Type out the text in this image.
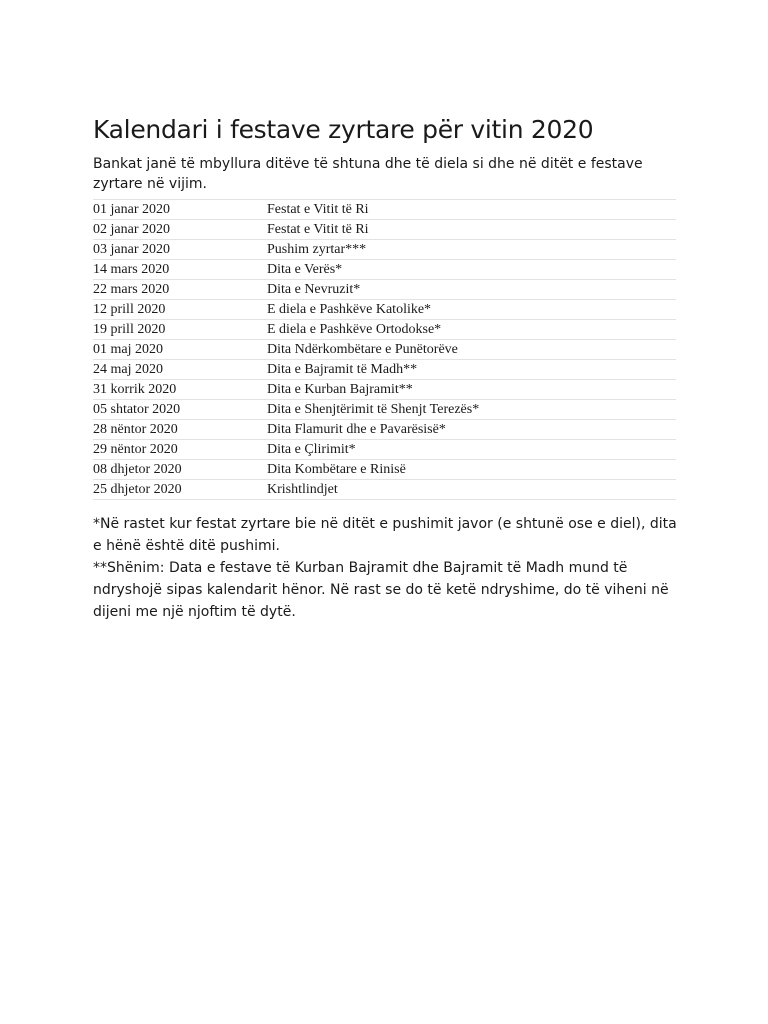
Kalendari i festave zyrtare për vitin 2020

Bankat janë të mbyllura ditëve të shtuna dhe të diela si dhe në ditët e festave zyrtare në vijim.

01 janar 2020	Festat e Vitit të Ri
02 janar 2020	Festat e Vitit të Ri
03 janar 2020	Pushim zyrtar***
14 mars 2020	Dita e Verës*
22 mars 2020	Dita e Nevruzit*
12 prill 2020	E diela e Pashkëve Katolike*
19 prill 2020	E diela e Pashkëve Ortodokse*
01 maj 2020	Dita Ndërkombëtare e Punëtorëve
24 maj 2020	Dita e Bajramit të Madh**
31 korrik 2020	Dita e Kurban Bajramit**
05 shtator 2020	Dita e Shenjtërimit të Shenjt Terezës*
28 nëntor 2020	Dita Flamurit dhe e Pavarësisë*
29 nëntor 2020	Dita e Çlirimit*
08 dhjetor 2020	Dita Kombëtare e Rinisë
25 dhjetor 2020	Krishtlindjet

*Në rastet kur festat zyrtare bie në ditët e pushimit javor (e shtunë ose e diel), dita e hënë është ditë pushimi.

**Shënim: Data e festave të Kurban Bajramit dhe Bajramit të Madh mund të ndryshojë sipas kalendarit hënor. Në rast se do të ketë ndryshime, do të viheni në dijeni me një njoftim të dytë.
